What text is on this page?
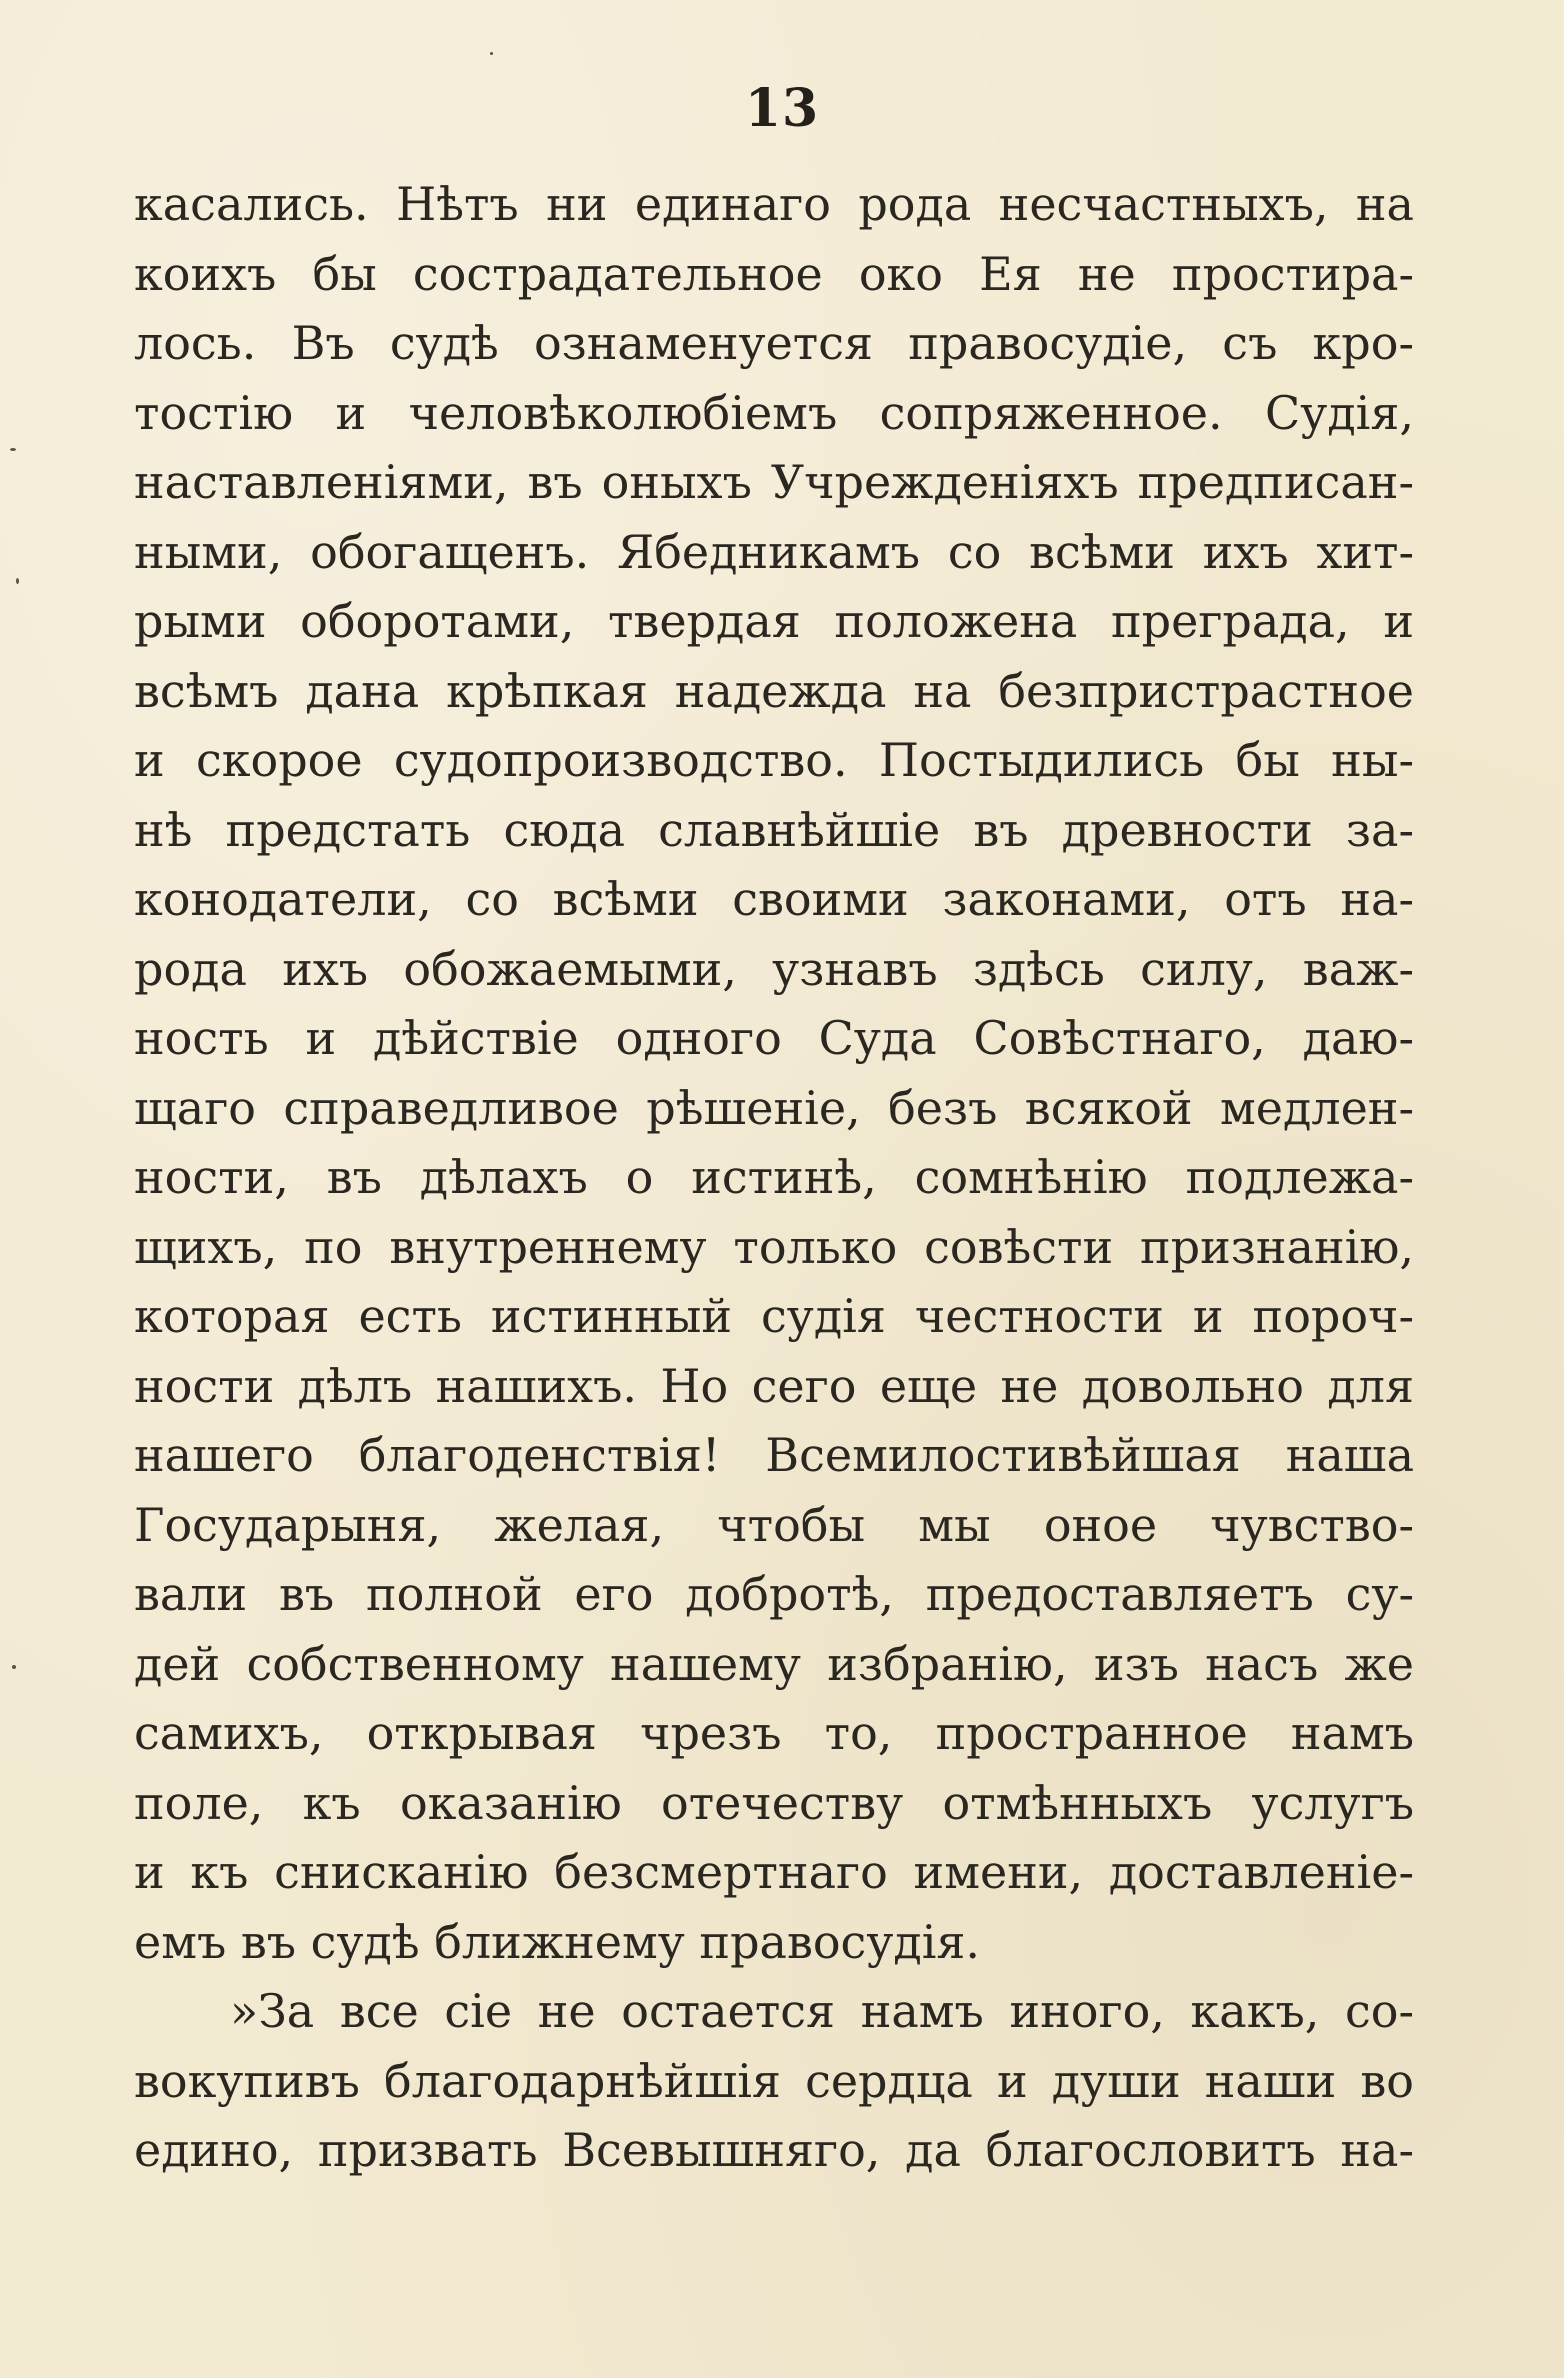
13
касались. Нѣтъ ни единаго рода несчастныхъ, на
коихъ бы сострадательное око Ея не простира-
лось. Въ судѣ ознаменуется правосудіе, съ кро-
тостію и человѣколюбіемъ сопряженное. Судія,
наставленіями, въ оныхъ Учрежденіяхъ предписан-
ными, обогащенъ. Ябедникамъ со всѣми ихъ хит-
рыми оборотами, твердая положена преграда, и
всѣмъ дана крѣпкая надежда на безпристрастное
и скорое судопроизводство. Постыдились бы ны-
нѣ предстать сюда славнѣйшіе въ древности за-
конодатели, со всѣми своими законами, отъ на-
рода ихъ обожаемыми, узнавъ здѣсь силу, важ-
ность и дѣйствіе одного Суда Совѣстнаго, даю-
щаго справедливое рѣшеніе, безъ всякой медлен-
ности, въ дѣлахъ о истинѣ, сомнѣнію подлежа-
щихъ, по внутреннему только совѣсти признанію,
которая есть истинный судія честности и пороч-
ности дѣлъ нашихъ. Но сего еще не довольно для
нашего благоденствія! Всемилостивѣйшая наша
Государыня, желая, чтобы мы оное чувство-
вали въ полной его добротѣ, предоставляетъ су-
дей собственному нашему избранію, изъ насъ же
самихъ, открывая чрезъ то, пространное намъ
поле, къ оказанію отечеству отмѣнныхъ услугъ
и къ снисканію безсмертнаго имени, доставленіе-
емъ въ судѣ ближнему правосудія.
»За все сіе не остается намъ иного, какъ, со-
вокупивъ благодарнѣйшія сердца и души наши во
едино, призвать Всевышняго, да благословитъ на-
